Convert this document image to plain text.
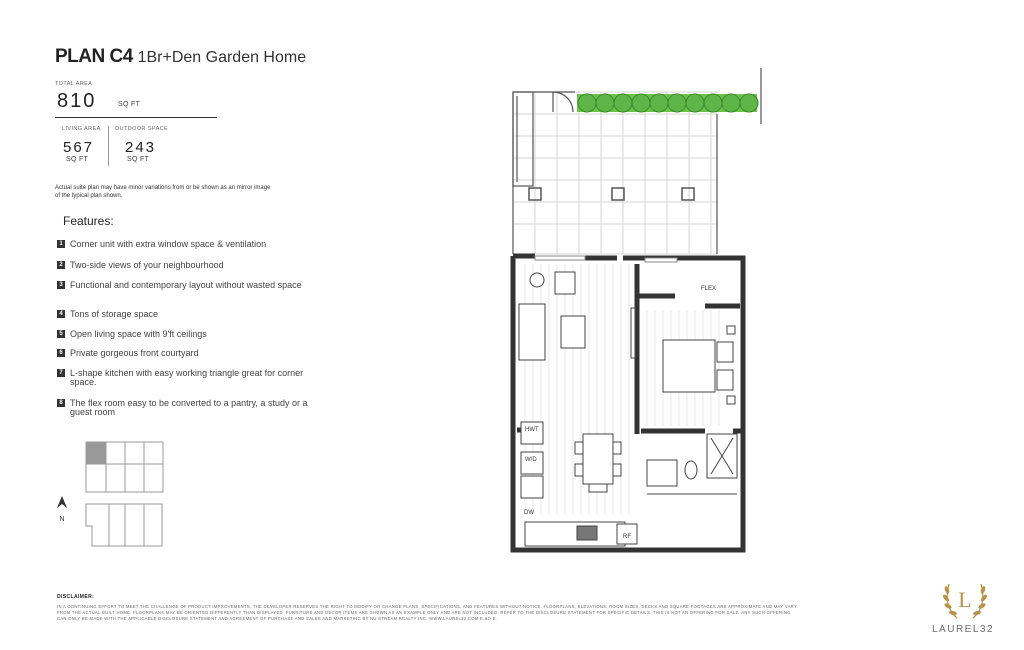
PLAN C4 1Br+Den Garden Home
TOTAL AREA
810	SQ FT
LIVING AREA
567
SQ FT
OUTDOOR SPACE
243
SQ FT
Actual suite plan may have minor variations from or be shown as an mirror image of the typical plan shown.
Features:
1 Corner unit with extra window space & ventilation
2 Two-side views of your neighbourhood
3 Functional and contemporary layout without wasted space
4 Tons of storage space
5 Open living space with 9'ft ceilings
6 Private gorgeous front courtyard
7 L-shape kitchen with easy working triangle great for corner space.
8 The flex room easy to be converted to a pantry, a study or a guest room
N
FLEX
HWT
W/D
DW
RF
DISCLAIMER:
IN A CONTINUING EFFORT TO MEET THE CHALLENGE OF PRODUCT IMPROVEMENTS, THE DEVELOPER RESERVES THE RIGHT TO MODIFY OR CHANGE PLANS, SPECIFICATIONS, AND FEATURES WITHOUT NOTICE. FLOORPLANS, ELEVATIONS, ROOM SIZES, DECKS AND SQUARE FOOTAGES ARE APPROXIMATE AND MAY VARY FROM THE ACTUAL BUILT HOME. FLOORPLANS MAY BE ORIENTED DIFFERENTLY THAN DISPLAYED. FURNITURE AND DECOR ITEMS ARE SHOWN AS AN EXAMPLE ONLY AND ARE NOT INCLUDED. REFER TO THE DISCLOSURE STATEMENT FOR SPECIFIC DETAILS. THIS IS NOT AN OFFERING FOR SALE. ANY SUCH OFFERING CAN ONLY BE MADE WITH THE APPLICABLE DISCLOSURE STATEMENT AND AGREEMENT OF PURCHASE AND SALES AND MARKETING BY NU STREAM REALTY INC. WWW.LAUREL32.COM E.&O.E.
L
LAUREL32
